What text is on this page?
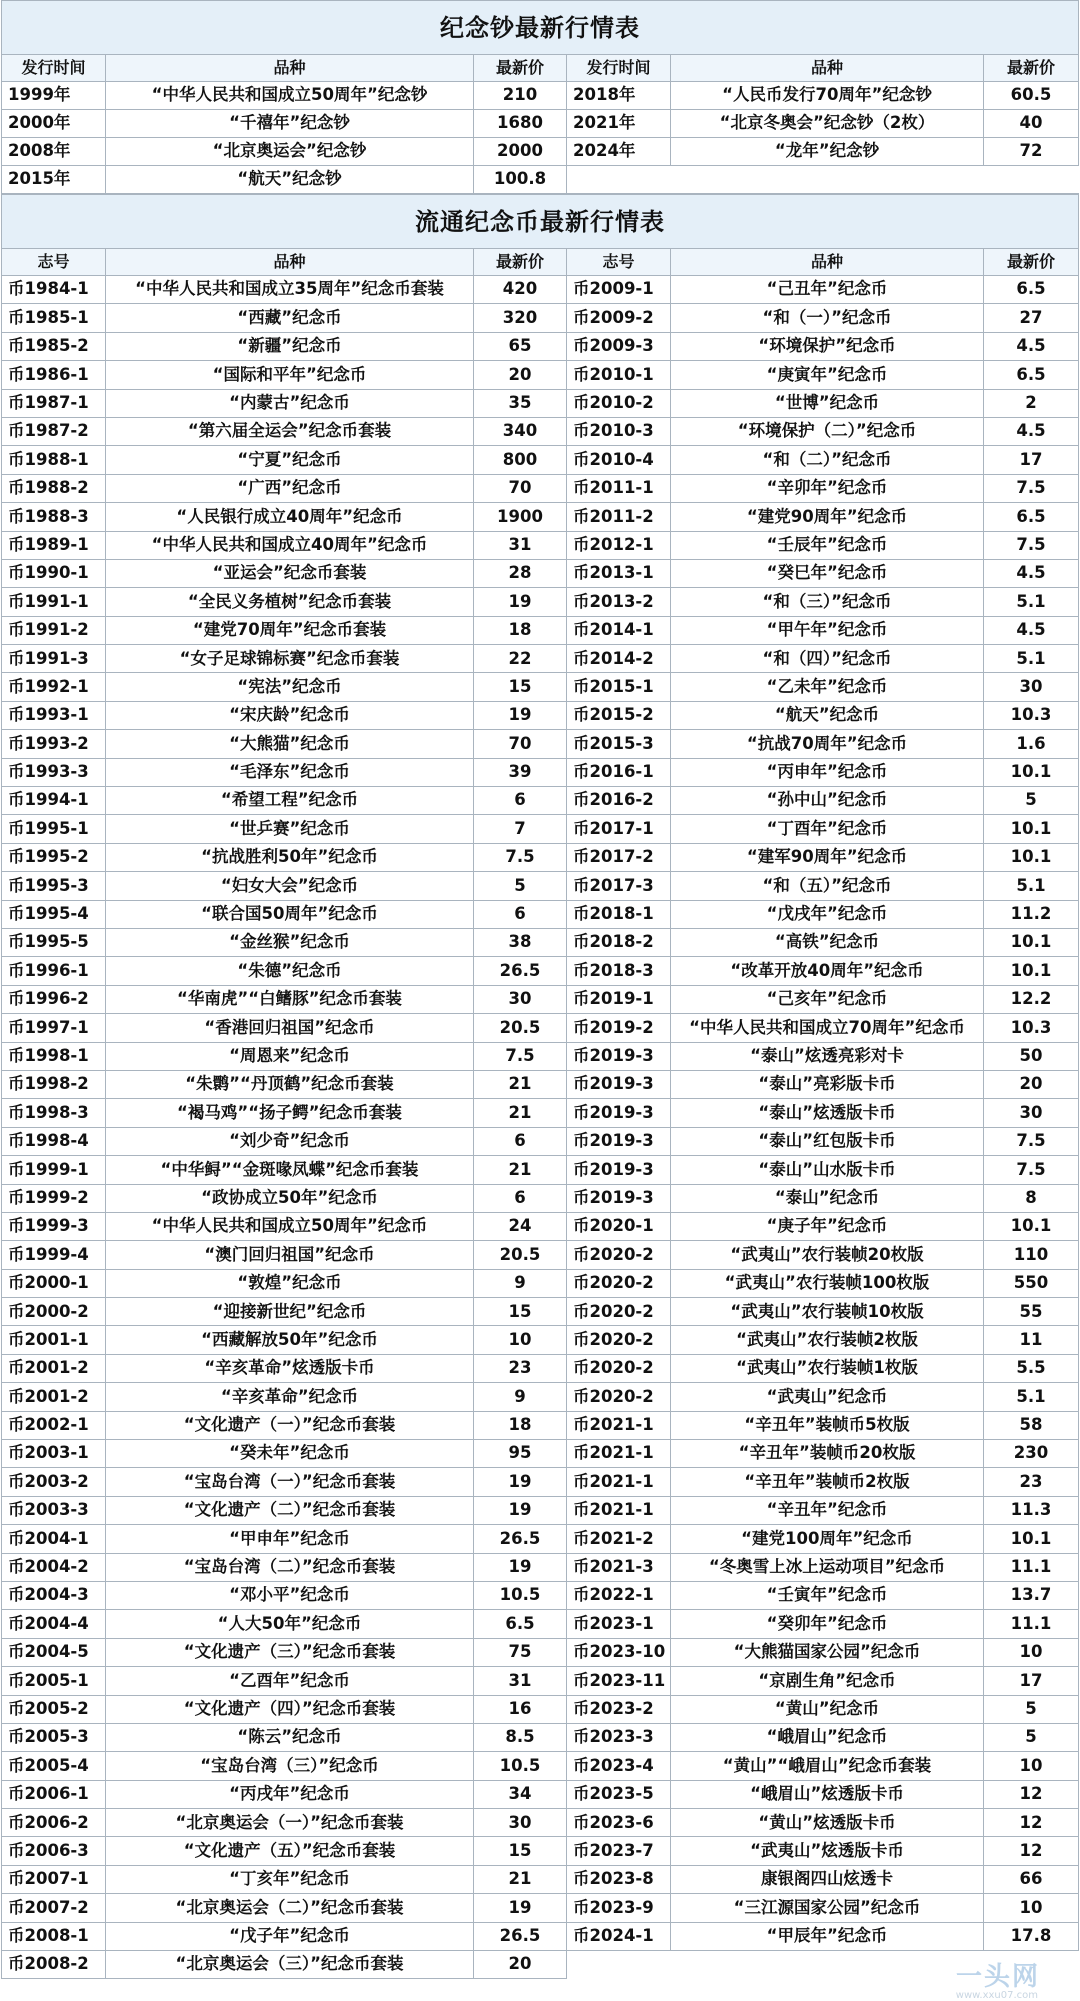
纪念钞最新行情表					
发行时间	品种	最新价	发行时间	品种	最新价
1999年	“中华人民共和国成立50周年”纪念钞	210	2018年	“人民币发行70周年”纪念钞	60.5
2000年	“千禧年”纪念钞	1680	2021年	“北京冬奥会”纪念钞（2枚）	40
2008年	“北京奥运会”纪念钞	2000	2024年	“龙年”纪念钞	72
2015年	“航天”纪念钞	100.8			
流通纪念币最新行情表					
志号	品种	最新价	志号	品种	最新价
币1984-1	“中华人民共和国成立35周年”纪念币套装	420	币2009-1	“己丑年”纪念币	6.5
币1985-1	“西藏”纪念币	320	币2009-2	“和（一）”纪念币	27
币1985-2	“新疆”纪念币	65	币2009-3	“环境保护”纪念币	4.5
币1986-1	“国际和平年”纪念币	20	币2010-1	“庚寅年”纪念币	6.5
币1987-1	“内蒙古”纪念币	35	币2010-2	“世博”纪念币	2
币1987-2	“第六届全运会”纪念币套装	340	币2010-3	“环境保护（二）”纪念币	4.5
币1988-1	“宁夏”纪念币	800	币2010-4	“和（二）”纪念币	17
币1988-2	“广西”纪念币	70	币2011-1	“辛卯年”纪念币	7.5
币1988-3	“人民银行成立40周年”纪念币	1900	币2011-2	“建党90周年”纪念币	6.5
币1989-1	“中华人民共和国成立40周年”纪念币	31	币2012-1	“壬辰年”纪念币	7.5
币1990-1	“亚运会”纪念币套装	28	币2013-1	“癸巳年”纪念币	4.5
币1991-1	“全民义务植树”纪念币套装	19	币2013-2	“和（三）”纪念币	5.1
币1991-2	“建党70周年”纪念币套装	18	币2014-1	“甲午年”纪念币	4.5
币1991-3	“女子足球锦标赛”纪念币套装	22	币2014-2	“和（四）”纪念币	5.1
币1992-1	“宪法”纪念币	15	币2015-1	“乙未年”纪念币	30
币1993-1	“宋庆龄”纪念币	19	币2015-2	“航天”纪念币	10.3
币1993-2	“大熊猫”纪念币	70	币2015-3	“抗战70周年”纪念币	1.6
币1993-3	“毛泽东”纪念币	39	币2016-1	“丙申年”纪念币	10.1
币1994-1	“希望工程”纪念币	6	币2016-2	“孙中山”纪念币	5
币1995-1	“世乒赛”纪念币	7	币2017-1	“丁酉年”纪念币	10.1
币1995-2	“抗战胜利50年”纪念币	7.5	币2017-2	“建军90周年”纪念币	10.1
币1995-3	“妇女大会”纪念币	5	币2017-3	“和（五）”纪念币	5.1
币1995-4	“联合国50周年”纪念币	6	币2018-1	“戊戌年”纪念币	11.2
币1995-5	“金丝猴”纪念币	38	币2018-2	“高铁”纪念币	10.1
币1996-1	“朱德”纪念币	26.5	币2018-3	“改革开放40周年”纪念币	10.1
币1996-2	“华南虎”“白鳍豚”纪念币套装	30	币2019-1	“己亥年”纪念币	12.2
币1997-1	“香港回归祖国”纪念币	20.5	币2019-2	“中华人民共和国成立70周年”纪念币	10.3
币1998-1	“周恩来”纪念币	7.5	币2019-3	“泰山”炫透亮彩对卡	50
币1998-2	“朱鹮”“丹顶鹤”纪念币套装	21	币2019-3	“泰山”亮彩版卡币	20
币1998-3	“褐马鸡”“扬子鳄”纪念币套装	21	币2019-3	“泰山”炫透版卡币	30
币1998-4	“刘少奇”纪念币	6	币2019-3	“泰山”红包版卡币	7.5
币1999-1	“中华鲟”“金斑喙凤蝶”纪念币套装	21	币2019-3	“泰山”山水版卡币	7.5
币1999-2	“政协成立50年”纪念币	6	币2019-3	“泰山”纪念币	8
币1999-3	“中华人民共和国成立50周年”纪念币	24	币2020-1	“庚子年”纪念币	10.1
币1999-4	“澳门回归祖国”纪念币	20.5	币2020-2	“武夷山”农行装帧20枚版	110
币2000-1	“敦煌”纪念币	9	币2020-2	“武夷山”农行装帧100枚版	550
币2000-2	“迎接新世纪”纪念币	15	币2020-2	“武夷山”农行装帧10枚版	55
币2001-1	“西藏解放50年”纪念币	10	币2020-2	“武夷山”农行装帧2枚版	11
币2001-2	“辛亥革命”炫透版卡币	23	币2020-2	“武夷山”农行装帧1枚版	5.5
币2001-2	“辛亥革命”纪念币	9	币2020-2	“武夷山”纪念币	5.1
币2002-1	“文化遗产（一）”纪念币套装	18	币2021-1	“辛丑年”装帧币5枚版	58
币2003-1	“癸未年”纪念币	95	币2021-1	“辛丑年”装帧币20枚版	230
币2003-2	“宝岛台湾（一）”纪念币套装	19	币2021-1	“辛丑年”装帧币2枚版	23
币2003-3	“文化遗产（二）”纪念币套装	19	币2021-1	“辛丑年”纪念币	11.3
币2004-1	“甲申年”纪念币	26.5	币2021-2	“建党100周年”纪念币	10.1
币2004-2	“宝岛台湾（二）”纪念币套装	19	币2021-3	“冬奥雪上冰上运动项目”纪念币	11.1
币2004-3	“邓小平”纪念币	10.5	币2022-1	“壬寅年”纪念币	13.7
币2004-4	“人大50年”纪念币	6.5	币2023-1	“癸卯年”纪念币	11.1
币2004-5	“文化遗产（三）”纪念币套装	75	币2023-10	“大熊猫国家公园”纪念币	10
币2005-1	“乙酉年”纪念币	31	币2023-11	“京剧生角”纪念币	17
币2005-2	“文化遗产（四）”纪念币套装	16	币2023-2	“黄山”纪念币	5
币2005-3	“陈云”纪念币	8.5	币2023-3	“峨眉山”纪念币	5
币2005-4	“宝岛台湾（三）”纪念币	10.5	币2023-4	“黄山”“峨眉山”纪念币套装	10
币2006-1	“丙戌年”纪念币	34	币2023-5	“峨眉山”炫透版卡币	12
币2006-2	“北京奥运会（一）”纪念币套装	30	币2023-6	“黄山”炫透版卡币	12
币2006-3	“文化遗产（五）”纪念币套装	15	币2023-7	“武夷山”炫透版卡币	12
币2007-1	“丁亥年”纪念币	21	币2023-8	康银阁四山炫透卡	66
币2007-2	“北京奥运会（二）”纪念币套装	19	币2023-9	“三江源国家公园”纪念币	10
币2008-1	“戊子年”纪念币	26.5	币2024-1	“甲辰年”纪念币	17.8
币2008-2	“北京奥运会（三）”纪念币套装	20				一头网
www.xxu07.com
